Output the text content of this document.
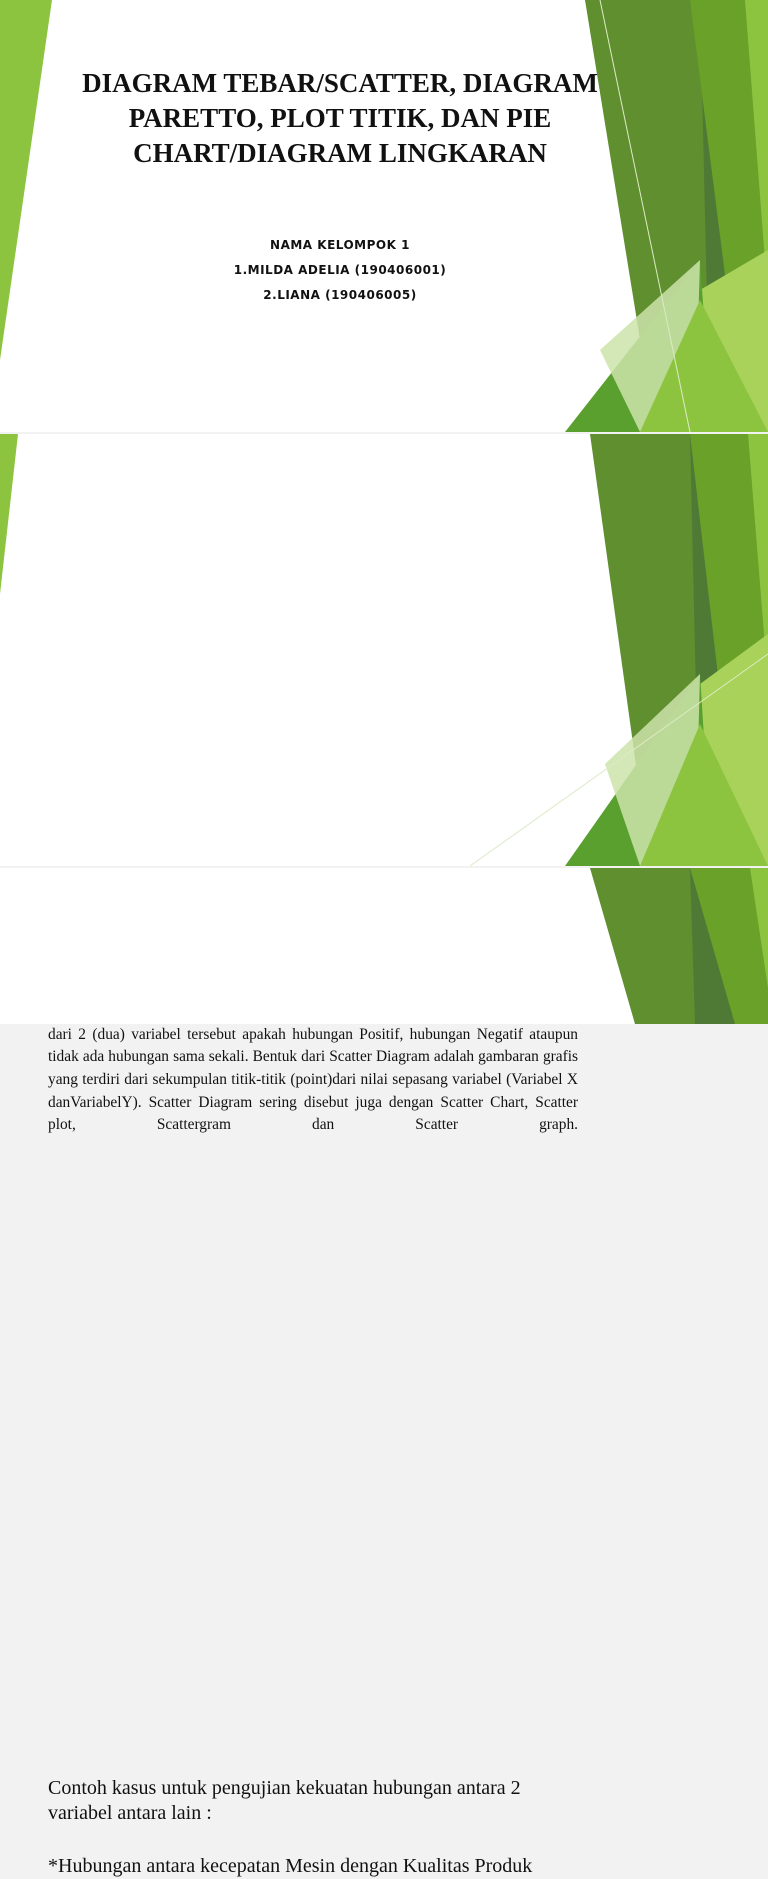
DIAGRAM TEBAR/SCATTER, DIAGRAM PARETTO, PLOT TITIK, DAN PIE CHART/DIAGRAM LINGKARAN
NAMA KELOMPOK 1
1.MILDA ADELIA (190406001)
2.LIANA (190406005)

dari 2 (dua) variabel tersebut apakah hubungan Positif, hubungan Negatif ataupun tidak ada hubungan sama sekali. Bentuk dari Scatter Diagram adalah gambaran grafis yang terdiri dari sekumpulan titik-titik (point)dari nilai sepasang variabel (Variabel X danVariabelY). Scatter Diagram sering disebut juga dengan Scatter Chart, Scatter plot, Scattergram dan Scatter graph.

Contoh kasus untuk pengujian kekuatan hubungan antara 2 variabel antara lain :

*Hubungan antara kecepatan Mesin dengan Kualitas Produk
